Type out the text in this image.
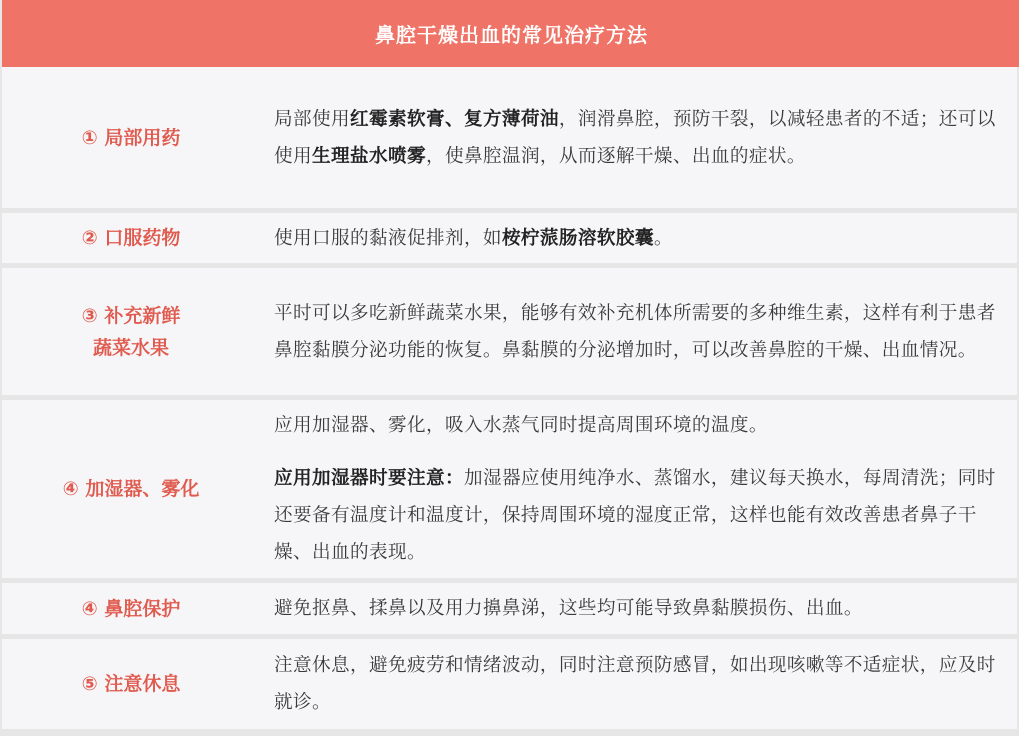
鼻腔干燥出血的常见治疗方法
① 局部用药

局部使用红霉素软膏、复方薄荷油，润滑鼻腔，预防干裂，以减轻患者的不适；还可以使用生理盐水喷雾，使鼻腔温润，从而逐解干燥、出血的症状。

② 口服药物	使用口服的黏液促排剂，如桉柠蒎肠溶软胶囊。

③ 补充新鲜
蔬菜水果

平时可以多吃新鲜蔬菜水果，能够有效补充机体所需要的多种维生素，这样有利于患者鼻腔黏膜分泌功能的恢复。鼻黏膜的分泌增加时，可以改善鼻腔的干燥、出血情况。

④ 加湿器、雾化

应用加湿器、雾化，吸入水蒸气同时提高周围环境的温度。

应用加湿器时要注意：加湿器应使用纯净水、蒸馏水，建议每天换水，每周清洗；同时还要备有温度计和温度计，保持周围环境的湿度正常，这样也能有效改善患者鼻子干燥、出血的表现。

④ 鼻腔保护	避免抠鼻、揉鼻以及用力擤鼻涕，这些均可能导致鼻黏膜损伤、出血。

⑤ 注意休息

注意休息，避免疲劳和情绪波动，同时注意预防感冒，如出现咳嗽等不适症状，应及时就诊。
